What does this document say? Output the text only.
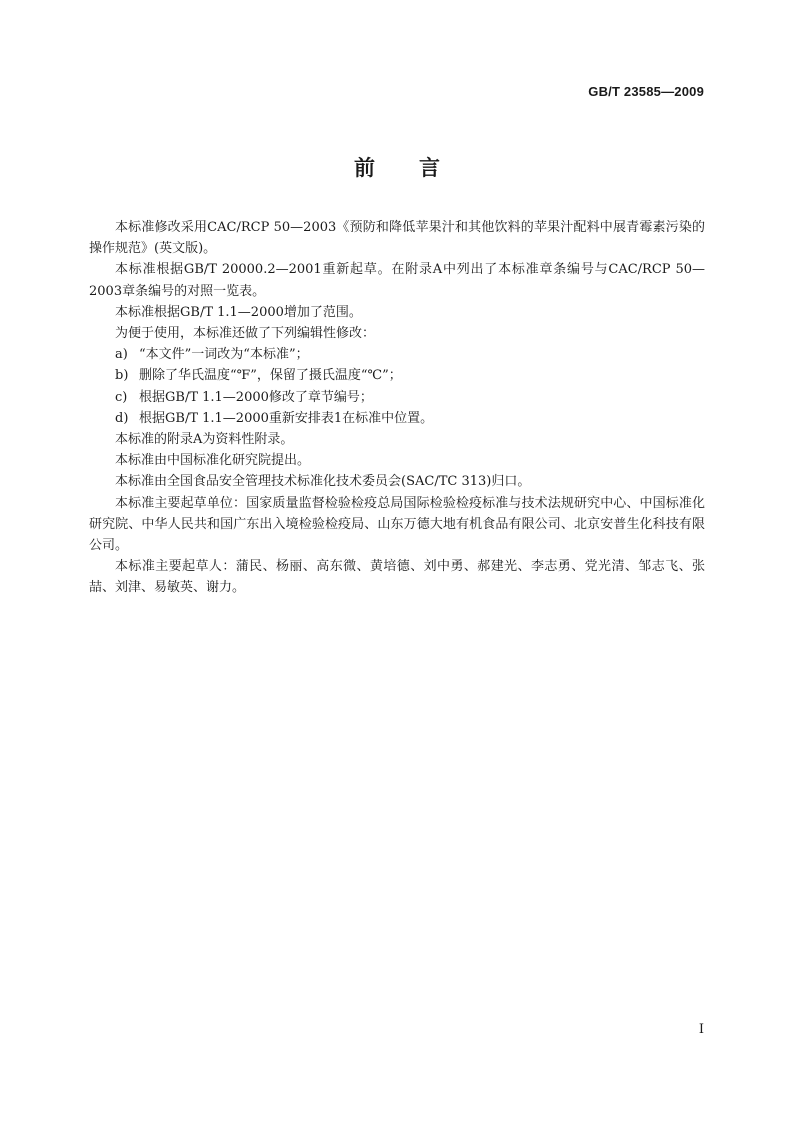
GB/T 23585—2009
前言

本标准修改采用CAC/RCP 50—2003《预防和降低苹果汁和其他饮料的苹果汁配料中展青霉素污染的操作规范》(英文版)。

本标准根据GB/T 20000.2—2001重新起草。在附录A中列出了本标准章条编号与CAC/RCP 50—2003章条编号的对照一览表。

本标准根据GB/T 1.1—2000增加了范围。

为便于使用，本标准还做了下列编辑性修改：

a) “本文件”一词改为“本标准”；

b) 删除了华氏温度“℉”，保留了摄氏温度“℃”；

c) 根据GB/T 1.1—2000修改了章节编号；

d) 根据GB/T 1.1—2000重新安排表1在标准中位置。

本标准的附录A为资料性附录。

本标准由中国标准化研究院提出。

本标准由全国食品安全管理技术标准化技术委员会(SAC/TC 313)归口。

本标准主要起草单位：国家质量监督检验检疫总局国际检验检疫标准与技术法规研究中心、中国标准化研究院、中华人民共和国广东出入境检验检疫局、山东万德大地有机食品有限公司、北京安普生化科技有限公司。

本标准主要起草人：蒲民、杨丽、高东微、黄培德、刘中勇、郝建光、李志勇、党光清、邹志飞、张喆、刘津、易敏英、谢力。

I
